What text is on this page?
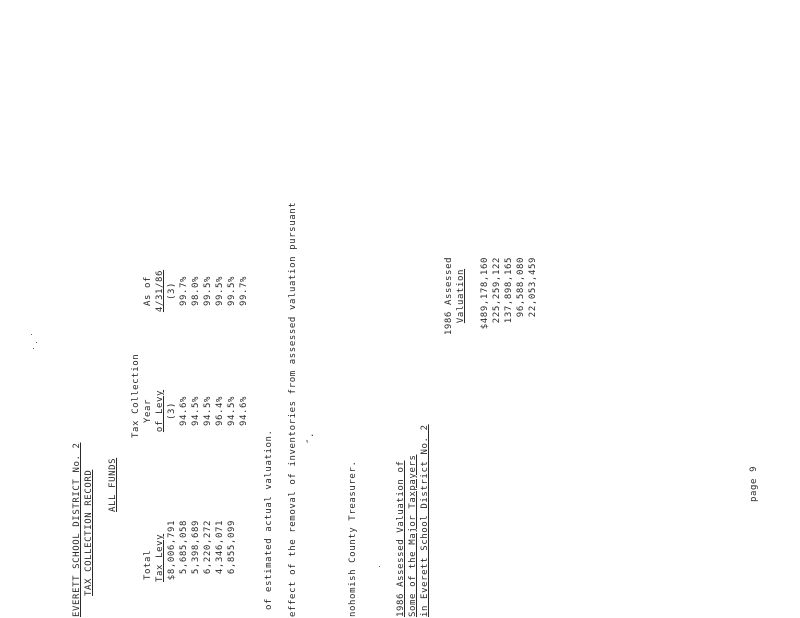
EVERETT SCHOOL DISTRICT No. 2 TAX COLLECTION RECORD ALL FUNDS
Total Tax Levy $8,006,791 5,685,058 5,398,689 6,220,272 4,346,071 6,855,099
Tax Collection Year of Levy (3) 94.6% 94.5% 94.5% 96.4% 94.5% 94.6%
As of 4/31/86 (3) 99.7% 98.0% 99.5% 99.5% 99.5% 99.7%
of estimated actual valuation. effect of the removal of inventories from assessed valuation pursuant ″.
nohomish County Treasurer.	1986 Assessed Valuation of Some of the Major Taxpayers in Everett School District No. 2
1986 Assessed Valuation $489,178,160 225,259,122 137,898,165 96,588,080 22,053,459
page 9
